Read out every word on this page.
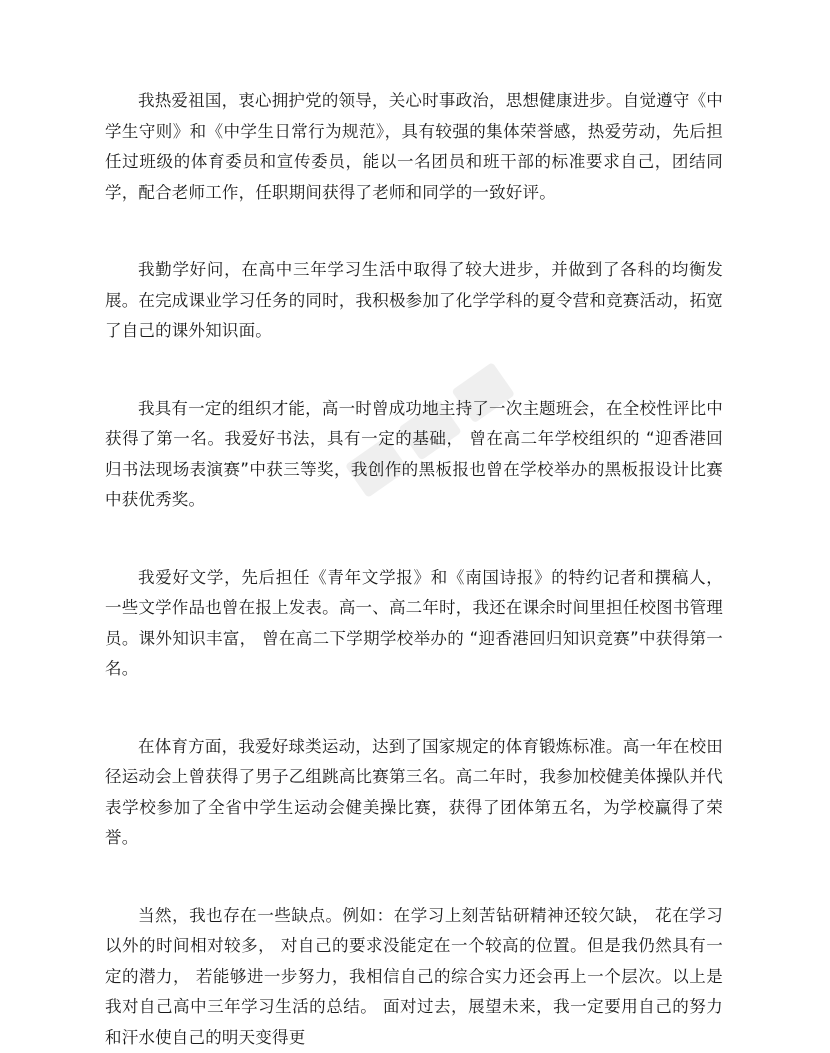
我热爱祖国，衷心拥护党的领导，关心时事政治，思想健康进步。自觉遵守《中学生守则》和《中学生日常行为规范》，具有较强的集体荣誉感，热爱劳动，先后担任过班级的体育委员和宣传委员，能以一名团员和班干部的标准要求自己，团结同学，配合老师工作，任职期间获得了老师和同学的一致好评。

我勤学好问，在高中三年学习生活中取得了较大进步，并做到了各科的均衡发展。在完成课业学习任务的同时，我积极参加了化学学科的夏令营和竞赛活动，拓宽了自己的课外知识面。

我具有一定的组织才能，高一时曾成功地主持了一次主题班会，在全校性评比中获得了第一名。我爱好书法，具有一定的基础， 曾在高二年学校组织的 “迎香港回归书法现场表演赛”中获三等奖，我创作的黑板报也曾在学校举办的黑板报设计比赛中获优秀奖。

我爱好文学，先后担任《青年文学报》和《南国诗报》的特约记者和撰稿人， 一些文学作品也曾在报上发表。高一、高二年时，我还在课余时间里担任校图书管理员。课外知识丰富， 曾在高二下学期学校举办的 “迎香港回归知识竞赛”中获得第一名。

在体育方面，我爱好球类运动，达到了国家规定的体育锻炼标准。高一年在校田径运动会上曾获得了男子乙组跳高比赛第三名。高二年时，我参加校健美体操队并代表学校参加了全省中学生运动会健美操比赛，获得了团体第五名，为学校赢得了荣誉。

当然，我也存在一些缺点。例如：在学习上刻苦钻研精神还较欠缺， 花在学习以外的时间相对较多， 对自己的要求没能定在一个较高的位置。但是我仍然具有一定的潜力， 若能够进一步努力，我相信自己的综合实力还会再上一个层次。以上是我对自己高中三年学习生活的总结。 面对过去，展望未来，我一定要用自己的努力和汗水使自己的明天变得更
